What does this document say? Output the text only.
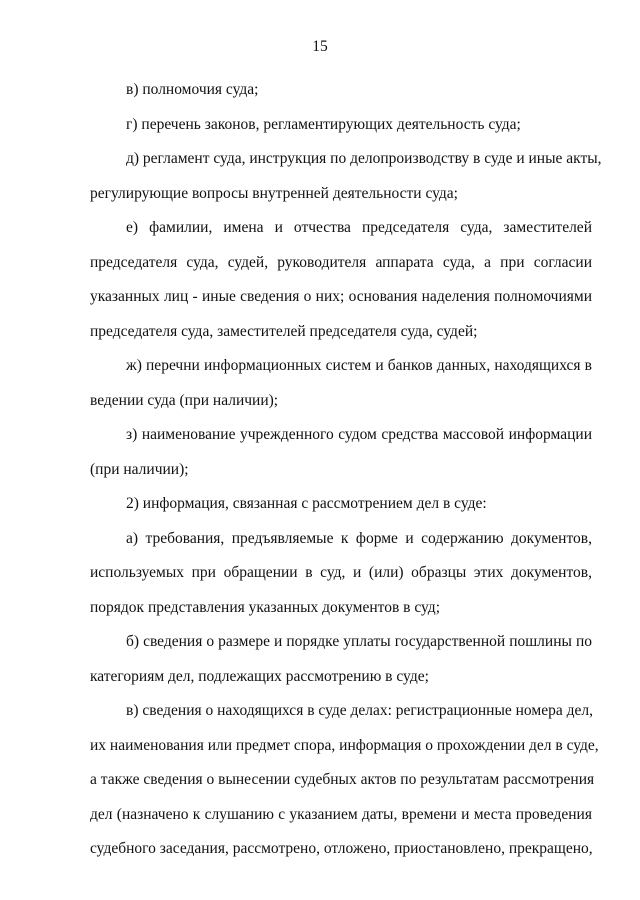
15
в) полномочия суда;
г) перечень законов, регламентирующих деятельность суда;
д) регламент суда, инструкция по делопроизводству в суде и иные акты,
регулирующие вопросы внутренней деятельности суда;
е) фамилии, имена и отчества председателя суда, заместителей
председателя суда, судей, руководителя аппарата суда, а при согласии
указанных лиц - иные сведения о них; основания наделения полномочиями
председателя суда, заместителей председателя суда, судей;
ж) перечни информационных систем и банков данных, находящихся в
ведении суда (при наличии);
з) наименование учрежденного судом средства массовой информации
(при наличии);
2) информация, связанная с рассмотрением дел в суде:
а) требования, предъявляемые к форме и содержанию документов,
используемых при обращении в суд, и (или) образцы этих документов,
порядок представления указанных документов в суд;
б) сведения о размере и порядке уплаты государственной пошлины по
категориям дел, подлежащих рассмотрению в суде;
в) сведения о находящихся в суде делах: регистрационные номера дел,
их наименования или предмет спора, информация о прохождении дел в суде,
а также сведения о вынесении судебных актов по результатам рассмотрения
дел (назначено к слушанию с указанием даты, времени и места проведения
судебного заседания, рассмотрено, отложено, приостановлено, прекращено,
